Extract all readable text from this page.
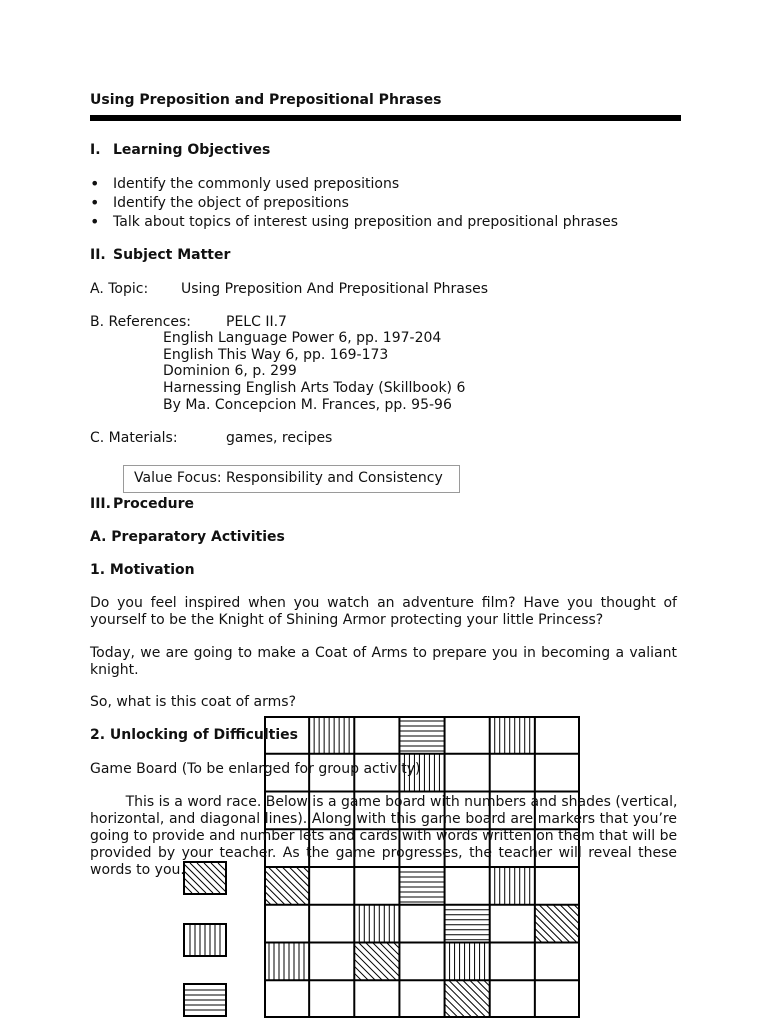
Using Preposition and Prepositional Phrases
I. Learning Objectives
• Identify the commonly used prepositions
• Identify the object of prepositions
• Talk about topics of interest using preposition and prepositional phrases
II. Subject Matter
A. Topic: Using Preposition And Prepositional Phrases
B. References: PELC II.7
English Language Power 6, pp. 197-204
English This Way 6, pp. 169-173
Dominion 6, p. 299
Harnessing English Arts Today (Skillbook) 6
By Ma. Concepcion M. Frances, pp. 95-96
C. Materials:	games, recipes
Value Focus: Responsibility and Consistency
III. Procedure
A. Preparatory Activities
1. Motivation
Do you feel inspired when you watch an adventure film? Have you thought of
yourself to be the Knight of Shining Armor protecting your little Princess?
Today, we are going to make a Coat of Arms to prepare you in becoming a valiant
knight.
So, what is this coat of arms?
2. Unlocking of Difficulties
Game Board (To be enlarged for group activity)
This is a word race. Below is a game board with numbers and shades (vertical,
horizontal, and diagonal lines). Along with this game board are markers that you’re
going to provide and number lets and cards with words written on them that will be
provided by your teacher. As the game progresses, the teacher will reveal these
words to you.
